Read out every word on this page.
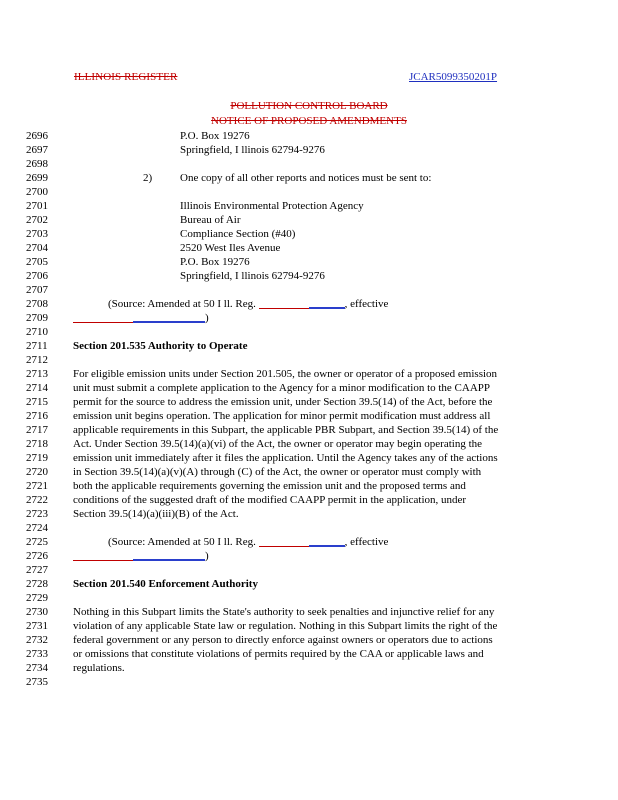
ILLINOIS REGISTER	JCAR5099350201P
POLLUTION CONTROL BOARD
NOTICE OF PROPOSED AMENDMENTS
2696	P.O. Box 19276
2697	Springfield, I llinois 62794-9276
2698
2699	2)	One copy of all other reports and notices must be sent to:
2700
2701	Illinois Environmental Protection Agency
2702	Bureau of Air
2703	Compliance Section (#40)
2704	2520 West Iles Avenue
2705	P.O. Box 19276
2706	Springfield, I llinois 62794-9276
2707
2708	(Source: Amended at 50 I ll. Reg.	, effective
2709	)
2710
2711	Section 201.535 Authority to Operate
2712
2713	For eligible emission units under Section 201.505, the owner or operator of a proposed emission
2714	unit must submit a complete application to the Agency for a minor modification to the CAAPP
2715	permit for the source to address the emission unit, under Section 39.5(14) of the Act, before the
2716	emission unit begins operation. The application for minor permit modification must address all
2717	applicable requirements in this Subpart, the applicable PBR Subpart, and Section 39.5(14) of the
2718	Act. Under Section 39.5(14)(a)(vi) of the Act, the owner or operator may begin operating the
2719	emission unit immediately after it files the application. Until the Agency takes any of the actions
2720	in Section 39.5(14)(a)(v)(A) through (C) of the Act, the owner or operator must comply with
2721	both the applicable requirements governing the emission unit and the proposed terms and
2722	conditions of the suggested draft of the modified CAAPP permit in the application, under
2723	Section 39.5(14)(a)(iii)(B) of the Act.
2724
2725	(Source: Amended at 50 I ll. Reg.	, effective
2726	)
2727
2728	Section 201.540 Enforcement Authority
2729
2730	Nothing in this Subpart limits the State's authority to seek penalties and injunctive relief for any
2731	violation of any applicable State law or regulation. Nothing in this Subpart limits the right of the
2732	federal government or any person to directly enforce against owners or operators due to actions
2733	or omissions that constitute violations of permits required by the CAA or applicable laws and
2734	regulations.
2735
